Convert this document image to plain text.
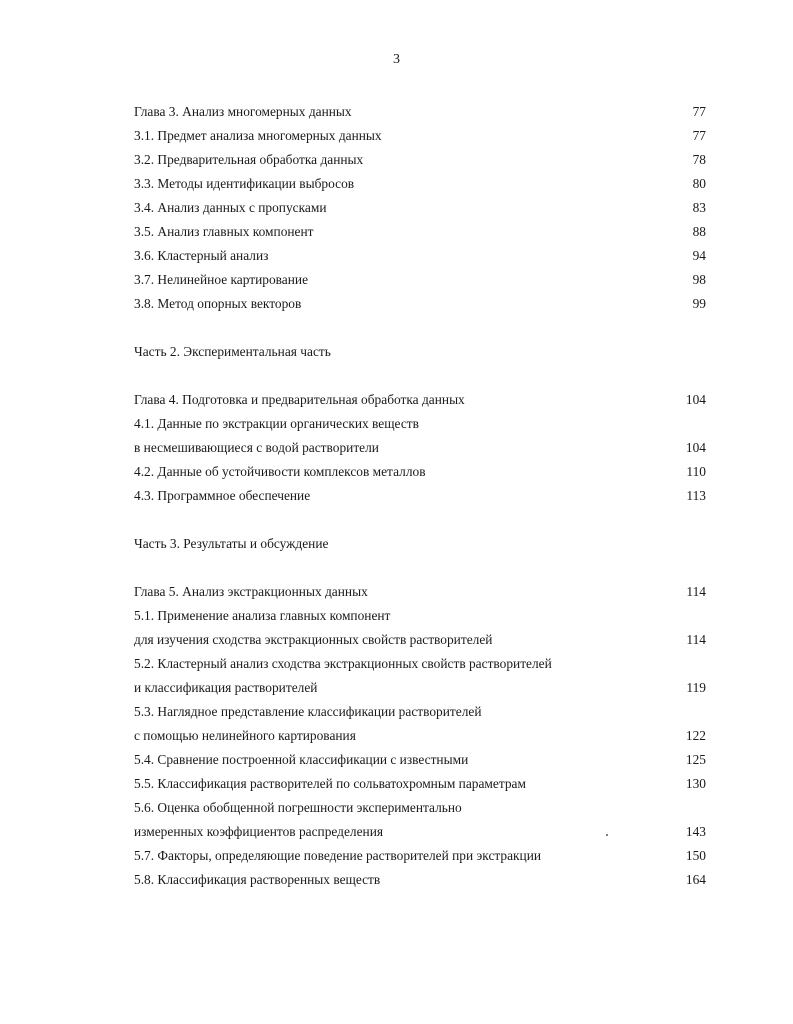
3
Глава 3. Анализ многомерных данных	77
3.1. Предмет анализа многомерных данных	77
3.2. Предварительная обработка данных	78
3.3. Методы идентификации выбросов	80
3.4. Анализ данных с пропусками	83
3.5. Анализ главных компонент	88
3.6. Кластерный анализ	94
3.7. Нелинейное картирование	98
3.8. Метод опорных векторов	99
Часть 2. Экспериментальная часть
Глава 4. Подготовка и предварительная обработка данных	104
4.1. Данные по экстракции органических веществ
в несмешивающиеся с водой растворители	104
4.2. Данные об устойчивости комплексов металлов	110
4.3. Программное обеспечение	113
Часть 3. Результаты и обсуждение
Глава 5. Анализ экстракционных данных	114
5.1. Применение анализа главных компонент
для изучения сходства экстракционных свойств растворителей	114
5.2. Кластерный анализ сходства экстракционных свойств растворителей
и классификация растворителей	119
5.3. Наглядное представление классификации растворителей
с помощью нелинейного картирования	122
5.4. Сравнение построенной классификации с известными	125
5.5. Классификация растворителей по сольватохромным параметрам	130
5.6. Оценка обобщенной погрешности экспериментально
измеренных коэффициентов распределения	143
5.7. Факторы, определяющие поведение растворителей при экстракции	150
5.8. Классификация растворенных веществ	164
